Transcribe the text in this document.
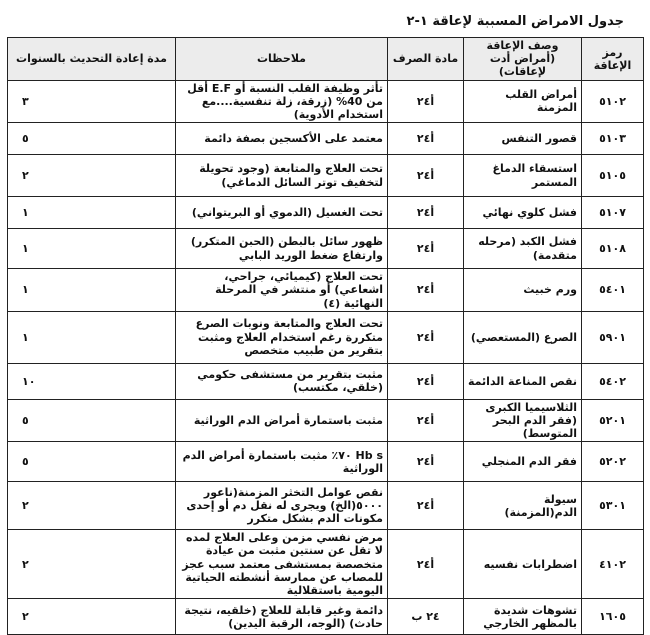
جدول الامراض المسببة لإعاقة ١-٢
رمز الإعاقة	وصف الإعاقة (أمراض أدت لإعاقات)	مادة الصرف	ملاحظات	مدة إعادة التحديث بالسنوات
٥١٠٢	أمراض القلب المزمنة	أ٢٤	تأثر وظيفة القلب النسبة أو E.F أقل من 40% (زرقة، زلة تنفسية....مع استخدام الأدوية)	٣
٥١٠٣	قصور التنفس	أ٢٤	معتمد على الأكسجين بصفة دائمة	٥
٥١٠٥	استسقاء الدماغ المستمر	أ٢٤	تحت العلاج والمتابعة (وجود تحويلة لتخفيف توتر السائل الدماغي)	٢
٥١٠٧	فشل كلوي نهائي	أ٢٤	تحت الغسيل (الدموي أو البريتواني)	١
٥١٠٨	فشل الكبد (مرحله متقدمة)	أ٢٤	ظهور سائل بالبطن (الحبن المتكرر) وارتفاع ضغط الوريد البابي	١
٥٤٠١	ورم خبيث	أ٢٤	تحت العلاج (كيميائي، جراحي، اشعاعي) أو منتشر في المرحلة النهائية (٤)	١
٥٩٠١	الصرع (المستعصي)	أ٢٤	تحت العلاج والمتابعة ونوبات الصرع متكررة رغم استخدام العلاج ومثبت بتقرير من طبيب متخصص	١
٥٤٠٢	نقص المناعة الدائمة	أ٢٤	مثبت بتقرير من مستشفى حكومي (خلقي، مكتسب)	١٠
٥٢٠١	الثلاسيميا الكبرى (فقر الدم البحر المتوسط)	أ٢٤	مثبت باستمارة أمراض الدم الوراثية	٥
٥٢٠٢	فقر الدم المنجلي	أ٢٤	Hb s ٧٠٪ مثبت باستمارة أمراض الدم الوراثية	٥
٥٣٠١	سيولة الدم(المزمنة)	أ٢٤	نقص عوامل التخثر المزمنة(ناعور ٥٠٠٠(الخ) ويجرى له نقل دم أو إحدى مكونات الدم بشكل متكرر	٢
٤١٠٢	اضطرابات نفسيه	أ٢٤	مرض نفسي مزمن وعلى العلاج لمده لا تقل عن سنتين مثبت من عيادة متخصصة بمستشفى معتمد سبب عجز للمصاب عن ممارسة أنشطته الحياتية اليومية باستقلالية	٢
١٦٠٥	تشوهات شديدة بالمظهر الخارجي	٢٤ ب	دائمة وغير قابلة للعلاج (خلقيه، نتيجة حادث) (الوجه، الرقبة اليدين)	٢
